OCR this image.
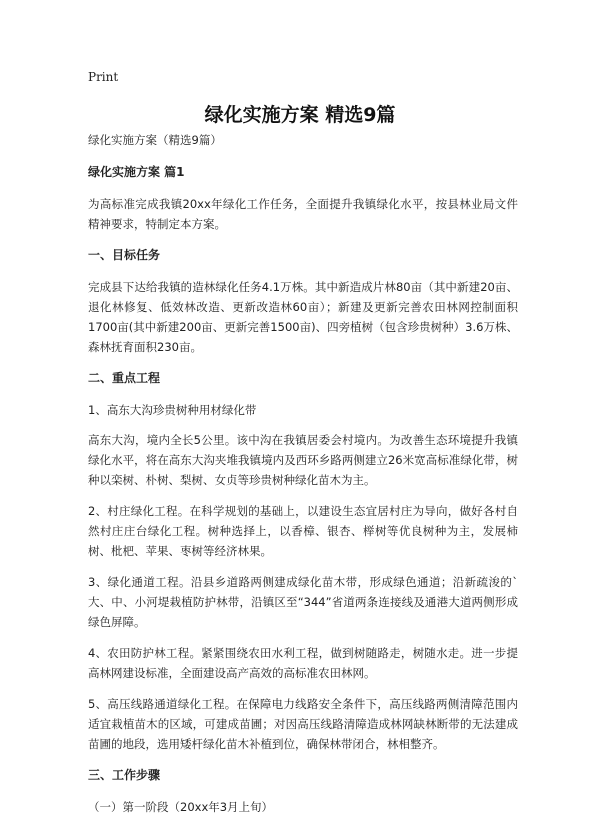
Print
绿化实施方案 精选9篇

绿化实施方案（精选9篇）

绿化实施方案 篇1

为高标准完成我镇20xx年绿化工作任务，全面提升我镇绿化水平，按县林业局文件精神要求，特制定本方案。

一、目标任务

完成县下达给我镇的造林绿化任务4.1万株。其中新造成片林80亩（其中新建20亩、退化林修复、低效林改造、更新改造林60亩）；新建及更新完善农田林网控制面积1700亩(其中新建200亩、更新完善1500亩)、四旁植树（包含珍贵树种）3.6万株、森林抚育面积230亩。

二、重点工程

1、高东大沟珍贵树种用材绿化带

高东大沟，境内全长5公里。该中沟在我镇居委会村境内。为改善生态环境提升我镇绿化水平，将在高东大沟夹堆我镇境内及西环乡路两侧建立26米宽高标准绿化带，树种以栾树、朴树、梨树、女贞等珍贵树种绿化苗木为主。

2、村庄绿化工程。在科学规划的基础上，以建设生态宜居村庄为导向，做好各村自然村庄庄台绿化工程。树种选择上，以香樟、银杏、榉树等优良树种为主，发展柿树、枇杷、苹果、枣树等经济林果。

3、绿化通道工程。沿县乡道路两侧建成绿化苗木带，形成绿色通道；沿新疏浚的`大、中、小河堤栽植防护林带，沿镇区至“344”省道两条连接线及通港大道两侧形成绿色屏障。

4、农田防护林工程。紧紧围绕农田水利工程，做到树随路走，树随水走。进一步提高林网建设标准，全面建设高产高效的高标准农田林网。

5、高压线路通道绿化工程。在保障电力线路安全条件下，高压线路两侧清障范围内适宜栽植苗木的区域，可建成苗圃；对因高压线路清障造成林网缺林断带的无法建成苗圃的地段，选用矮杆绿化苗木补植到位，确保林带闭合，林相整齐。

三、工作步骤

（一）第一阶段（20xx年3月上旬）
